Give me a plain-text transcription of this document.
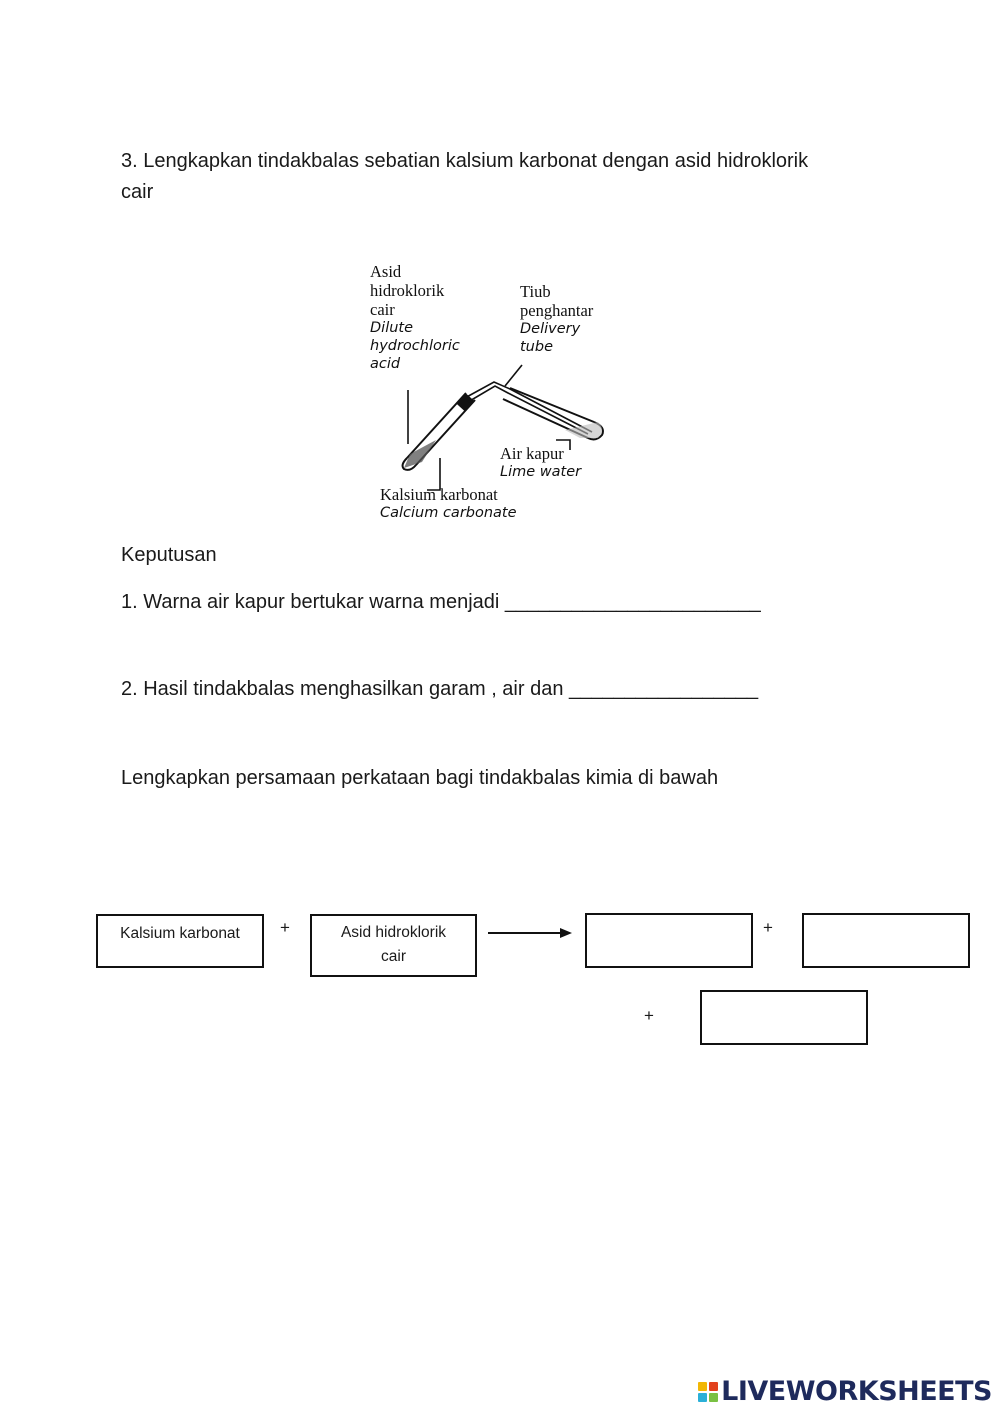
3. Lengkapkan tindakbalas sebatian kalsium karbonat dengan asid hidroklorik
cair
Asid
hidroklorik
cair
Dilute
hydrochloric
acid
Tiub
penghantar
Delivery
tube
Air kapur
Lime water
Kalsium karbonat
Calcium carbonate
Keputusan
1. Warna air kapur bertukar warna menjadi _______________________
2. Hasil tindakbalas menghasilkan garam , air dan _________________
Lengkapkan persamaan perkataan bagi tindakbalas kimia di bawah
Kalsium karbonat	+	Asid hidroklorik
cair
+
+
LIVEWORKSHEETS
